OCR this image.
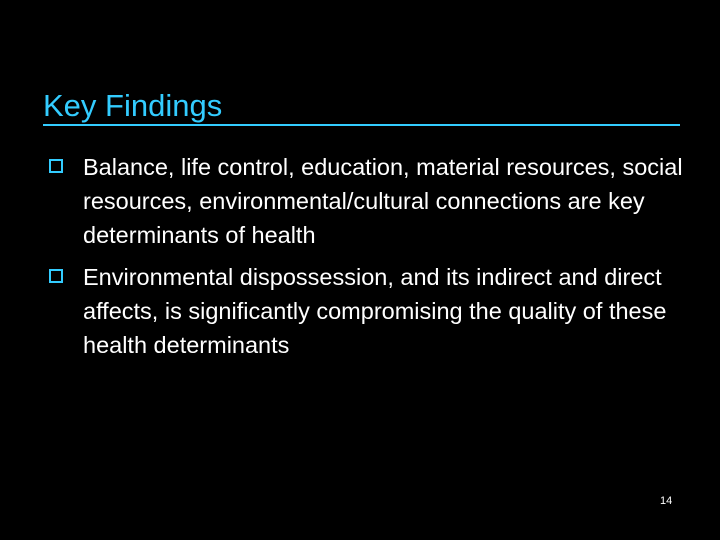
Key Findings
Balance, life control, education, material resources, social resources, environmental/cultural connections are key determinants of health
Environmental dispossession, and its indirect and direct affects, is significantly compromising the quality of these health determinants
14
